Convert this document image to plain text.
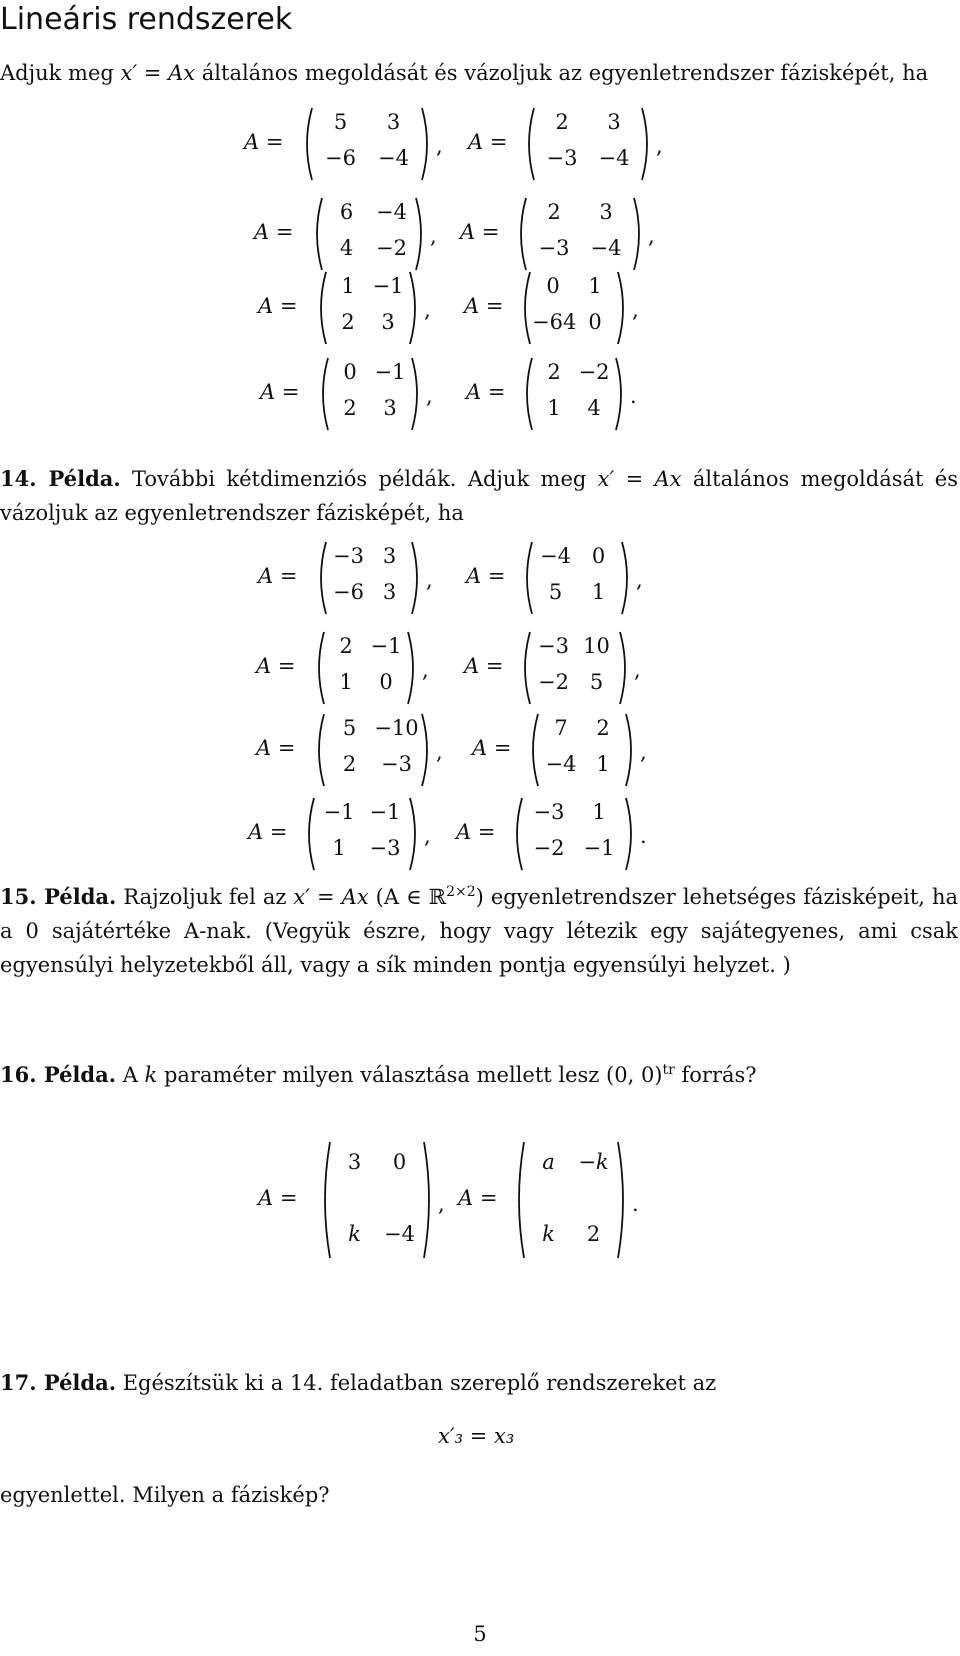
Lineáris rendszerek
Adjuk meg x′ = Ax általános megoldását és vázoljuk az egyenletrendszer fázisképét, ha
14. Példa. További kétdimenziós példák. Adjuk meg x′ = Ax általános megoldását és vázoljuk az egyenletrendszer fázisképét, ha
15. Példa. Rajzoljuk fel az x′ = Ax (A ∈ ℝ$^{2\times 2}$) egyenletrendszer lehetséges fázisképeit, ha a 0 sajátértéke A-nak. (Vegyük észre, hogy vagy létezik egy sajátegyenes, ami csak egyensúlyi helyzetekből áll, vagy a sík minden pontja egyensúlyi helyzet. )
16. Példa. A k paraméter milyen választása mellett lesz (0, 0)$^{tr}$ forrás?
17. Példa. Egészítsük ki a 14. feladatban szereplő rendszereket az
x′₃ = x₃
egyenlettel. Milyen a fáziskép?
5
A =
5	3
−6	−4	, A =
2	3
−3	−4	,
A =
6	−4
4	−2	, A =
2	3
−3	−4	,
A =
1 −1
2	3	, A =
0	1
−64 0	,
A =
0 −1
2	3	, A =
2 −2
1	4	.
A =
−3 3
−6 3	, A =
−4 0
5	1	,
A =
2 −1
1	0	, A =
−3 10
−2 5	,
A =
5 −10
2	−3	, A =
7	2
−4 1	,
A =
−1 −1
1	−3	, A =
−3	1
−2 −1	.
A =
3	0
k	−4
, A =
a	−k
k	2
.
